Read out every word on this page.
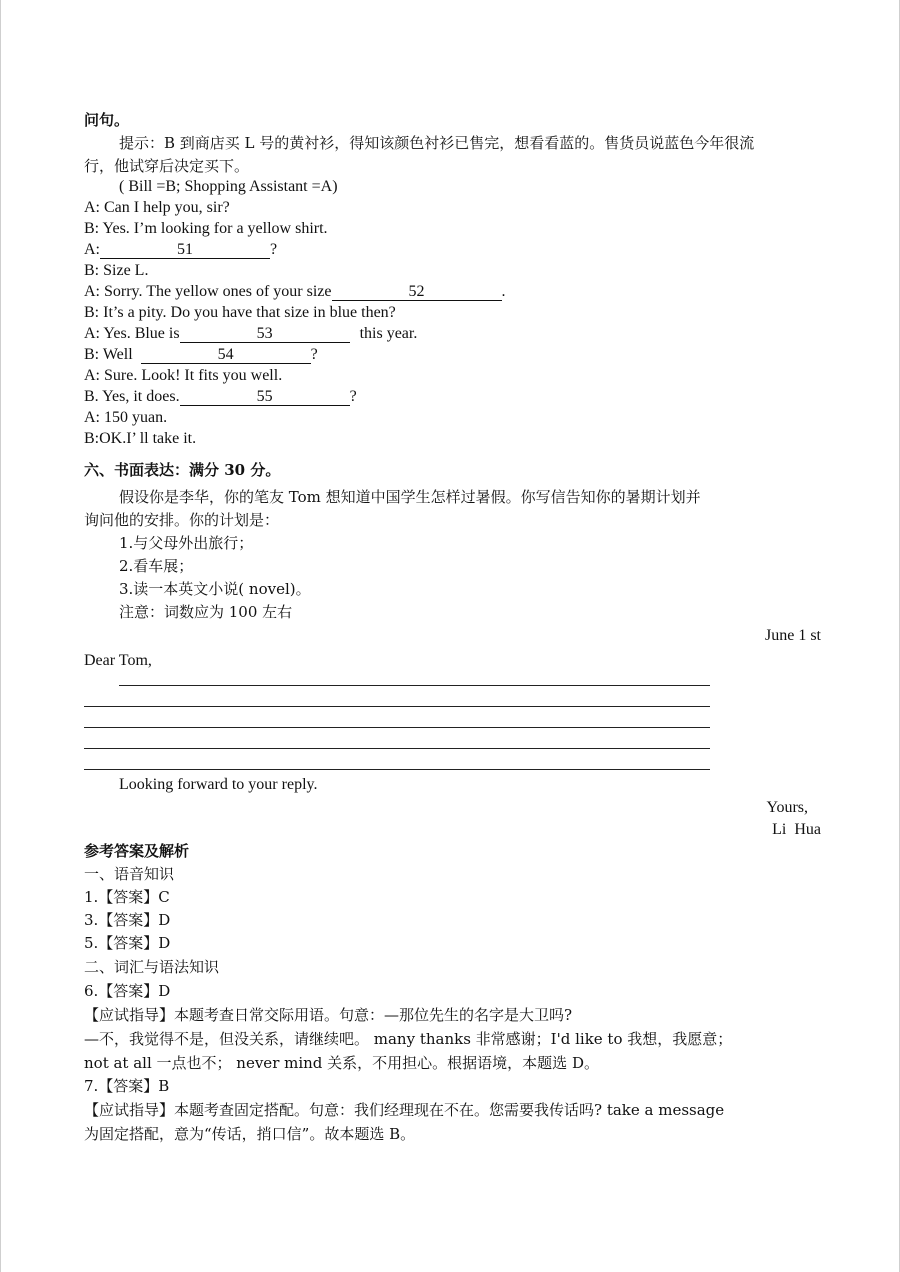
问句。
提示：B 到商店买 L 号的黄衬衫，得知该颜色衬衫已售完，想看看蓝的。售货员说蓝色今年很流
行，他试穿后决定买下。
( Bill =B; Shopping Assistant =A)
A: Can I help you, sir?
B: Yes. I’m looking for a yellow shirt.
A:	51	?
B: Size L.
A: Sorry. The yellow ones of your size	52	.
B: It’s a pity. Do you have that size in blue then?
A: Yes. Blue is	53	this year.
B: Well	54	?
A: Sure. Look! It fits you well.
B. Yes, it does.	55	?
A: 150 yuan.
B:OK.I’ ll take it.
六、书面表达：满分 30 分。
假设你是李华，你的笔友 Tom 想知道中国学生怎样过暑假。你写信告知你的暑期计划并
询问他的安排。你的计划是：
1.与父母外出旅行；
2.看车展；
3.读一本英文小说( novel)。
注意：词数应为 100 左右
June 1 st
Dear Tom,
Looking forward to your reply.
Yours,
Li  Hua
参考答案及解析
一、语音知识
1.【答案】C
3.【答案】D
5.【答案】D
二、词汇与语法知识
6.【答案】D
【应试指导】本题考查日常交际用语。句意：—那位先生的名字是大卫吗?
—不，我觉得不是，但没关系，请继续吧。 many thanks 非常感谢；I'd like to 我想，我愿意；
not at all 一点也不； never mind 关系，不用担心。根据语境，本题选 D。
7.【答案】B
【应试指导】本题考查固定搭配。句意：我们经理现在不在。您需要我传话吗? take a message
为固定搭配，意为“传话，捎口信”。故本题选 B。
